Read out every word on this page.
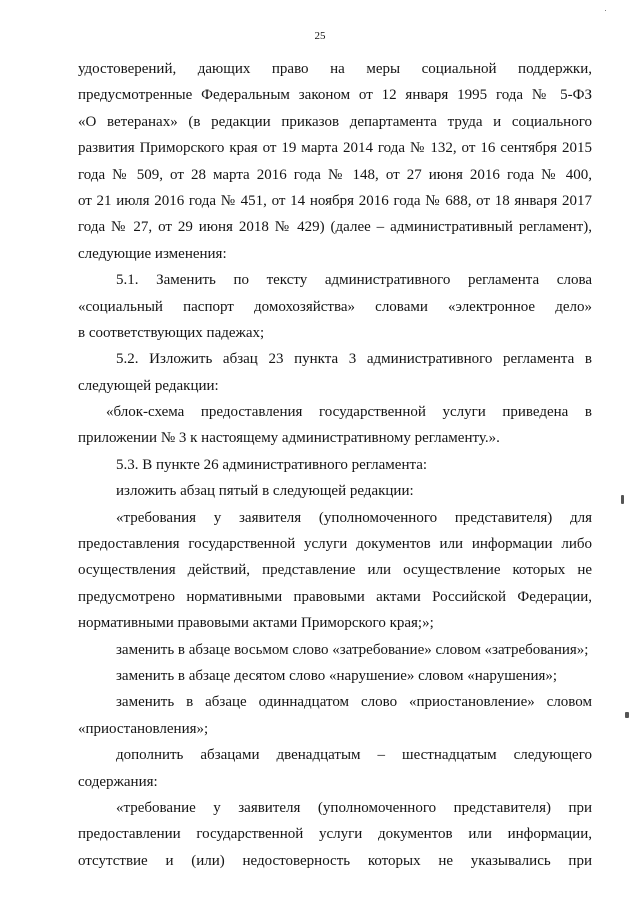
25
удостоверений, дающих право на меры социальной поддержки,
предусмотренные Федеральным законом от 12 января 1995 года № 5-ФЗ
«О ветеранах» (в редакции приказов департамента труда и социального
развития Приморского края от 19 марта 2014 года № 132, от 16 сентября 2015
года № 509, от 28 марта 2016 года № 148, от 27 июня 2016 года № 400,
от 21 июля 2016 года № 451, от 14 ноября 2016 года № 688, от 18 января 2017
года № 27, от 29 июня 2018 № 429) (далее – административный регламент),
следующие изменения:
5.1. Заменить по тексту административного регламента слова
«социальный паспорт домохозяйства» словами «электронное дело»
в соответствующих падежах;
5.2. Изложить абзац 23 пункта 3 административного регламента в
следующей редакции:
«блок-схема предоставления государственной услуги приведена в
приложении № 3 к настоящему административному регламенту.».
5.3. В пункте 26 административного регламента:
изложить абзац пятый в следующей редакции:
«требования у заявителя (уполномоченного представителя) для
предоставления государственной услуги документов или информации либо
осуществления действий, представление или осуществление которых не
предусмотрено нормативными правовыми актами Российской Федерации,
нормативными правовыми актами Приморского края;»;
заменить в абзаце восьмом слово «затребование» словом «затребования»;
заменить в абзаце десятом слово «нарушение» словом «нарушения»;
заменить в абзаце одиннадцатом слово «приостановление» словом
«приостановления»;
дополнить абзацами двенадцатым – шестнадцатым следующего
содержания:
«требование у заявителя (уполномоченного представителя) при
предоставлении государственной услуги документов или информации,
отсутствие и (или) недостоверность которых не указывались при
